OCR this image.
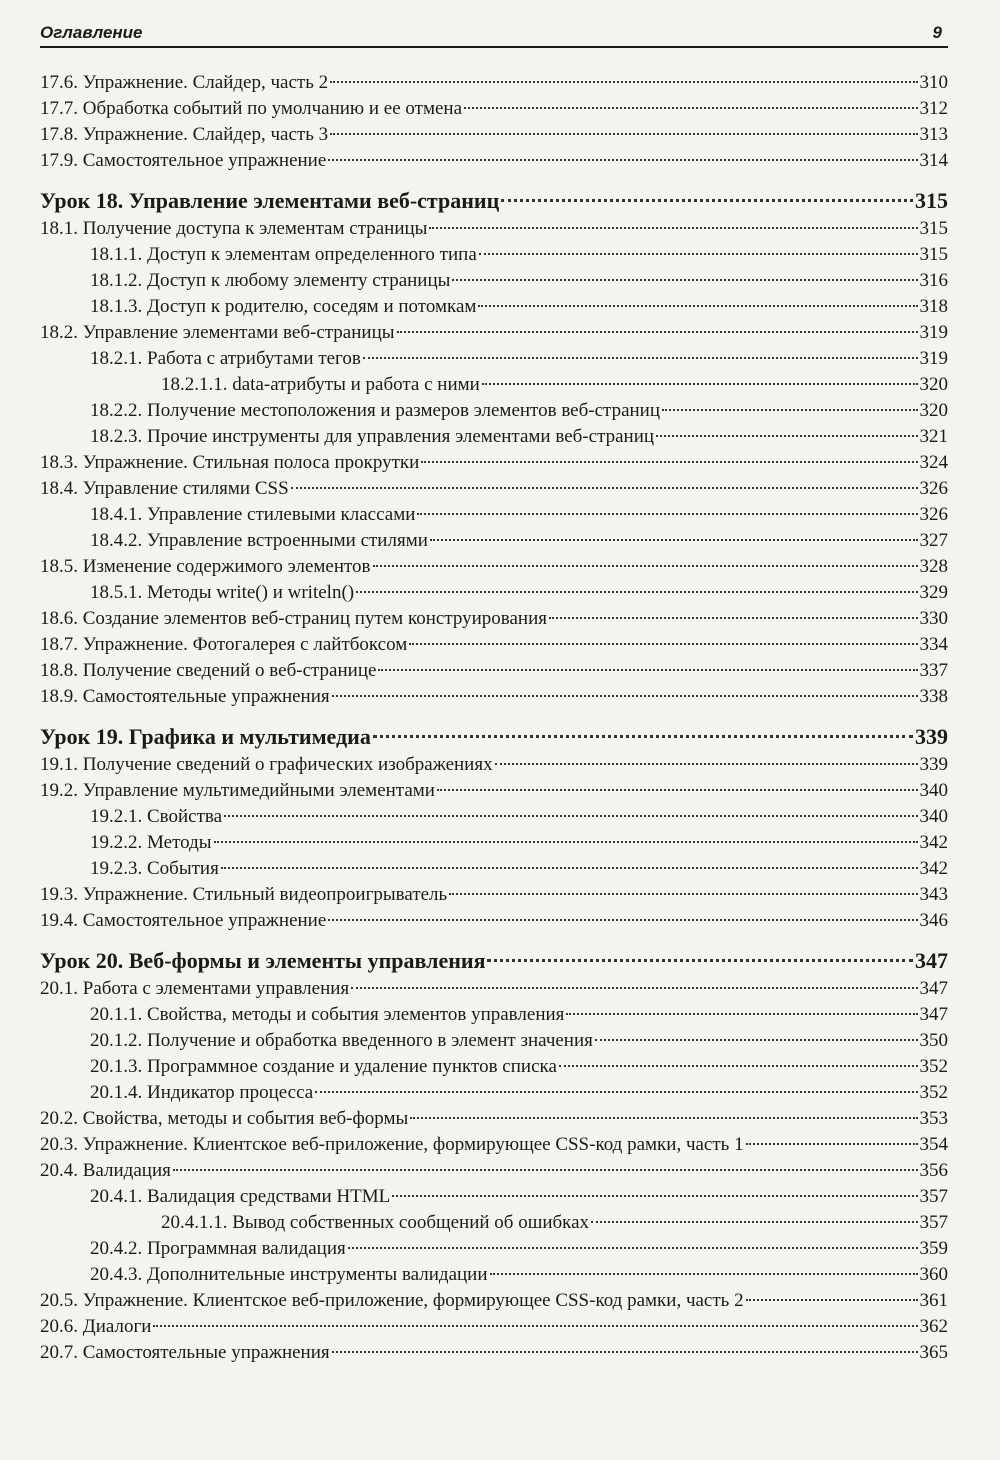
Оглавление	9
17.6. Упражнение. Слайдер, часть 2	310
17.7. Обработка событий по умолчанию и ее отмена	312
17.8. Упражнение. Слайдер, часть 3	313
17.9. Самостоятельное упражнение	314
Урок 18. Управление элементами веб-страниц	315
18.1. Получение доступа к элементам страницы	315
18.1.1. Доступ к элементам определенного типа	315
18.1.2. Доступ к любому элементу страницы	316
18.1.3. Доступ к родителю, соседям и потомкам	318
18.2. Управление элементами веб-страницы	319
18.2.1. Работа с атрибутами тегов	319
18.2.1.1. data-атрибуты и работа с ними	320
18.2.2. Получение местоположения и размеров элементов веб-страниц	320
18.2.3. Прочие инструменты для управления элементами веб-страниц	321
18.3. Упражнение. Стильная полоса прокрутки	324
18.4. Управление стилями CSS	326
18.4.1. Управление стилевыми классами	326
18.4.2. Управление встроенными стилями	327
18.5. Изменение содержимого элементов	328
18.5.1. Методы write() и writeln()	329
18.6. Создание элементов веб-страниц путем конструирования	330
18.7. Упражнение. Фотогалерея с лайтбоксом	334
18.8. Получение сведений о веб-странице	337
18.9. Самостоятельные упражнения	338
Урок 19. Графика и мультимедиа	339
19.1. Получение сведений о графических изображениях	339
19.2. Управление мультимедийными элементами	340
19.2.1. Свойства	340
19.2.2. Методы	342
19.2.3. События	342
19.3. Упражнение. Стильный видеопроигрыватель	343
19.4. Самостоятельное упражнение	346
Урок 20. Веб-формы и элементы управления	347
20.1. Работа с элементами управления	347
20.1.1. Свойства, методы и события элементов управления	347
20.1.2. Получение и обработка введенного в элемент значения	350
20.1.3. Программное создание и удаление пунктов списка	352
20.1.4. Индикатор процесса	352
20.2. Свойства, методы и события веб-формы	353
20.3. Упражнение. Клиентское веб-приложение, формирующее CSS-код рамки, часть 1	354
20.4. Валидация	356
20.4.1. Валидация средствами HTML	357
20.4.1.1. Вывод собственных сообщений об ошибках	357
20.4.2. Программная валидация	359
20.4.3. Дополнительные инструменты валидации	360
20.5. Упражнение. Клиентское веб-приложение, формирующее CSS-код рамки, часть 2	361
20.6. Диалоги	362
20.7. Самостоятельные упражнения	365
